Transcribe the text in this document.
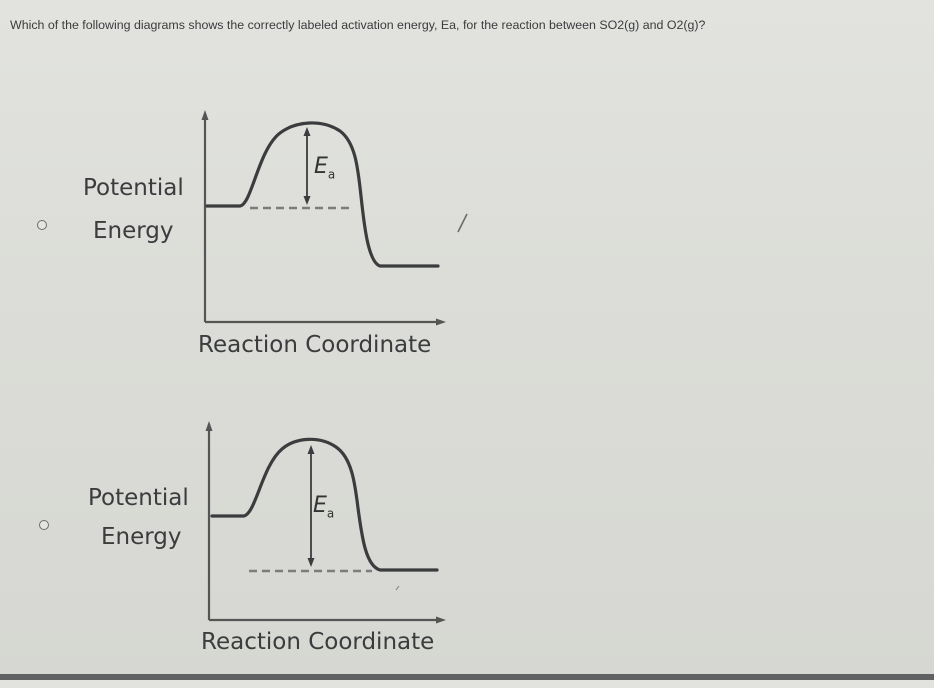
Which of the following diagrams shows the correctly labeled activation energy, Ea, for the reaction between SO2(g) and O2(g)?
Potential
Energy
$E_a$
Reaction Coordinate
Potential
Energy
$E_a$
Reaction Coordinate
